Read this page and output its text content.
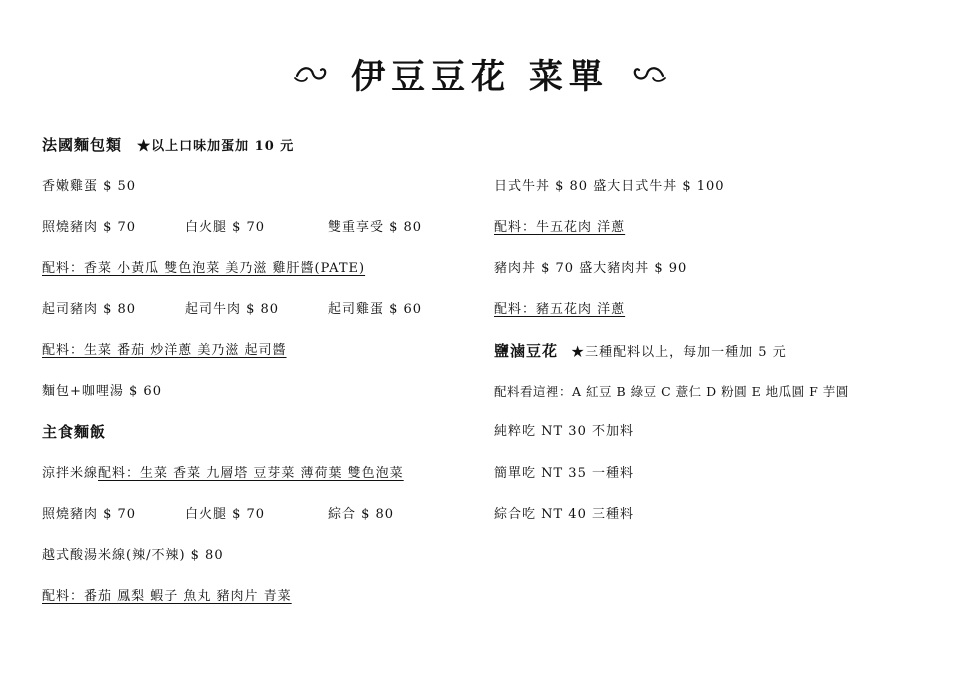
伊豆豆花 菜單
法國麵包類 ★以上口味加蛋加 10 元
香嫩雞蛋 $ 50
照燒豬肉 $ 70	白火腿 $ 70	雙重享受 $ 80
配料：香菜 小黃瓜 雙色泡菜 美乃滋 雞肝醬(PATE)
起司豬肉 $ 80	起司牛肉 $ 80	起司雞蛋 $ 60
配料：生菜 番茄 炒洋蔥 美乃滋 起司醬
麵包+咖哩湯 $ 60
主食麵飯
涼拌米線配料：生菜 香菜 九層塔 豆芽菜 薄荷葉 雙色泡菜
照燒豬肉 $ 70	白火腿 $ 70	綜合 $ 80
越式酸湯米線(辣/不辣) $ 80
配料：番茄 鳳梨 蝦子 魚丸 豬肉片 青菜
日式牛丼 $ 80 盛大日式牛丼 $ 100
配料：牛五花肉 洋蔥
豬肉丼 $ 70 盛大豬肉丼 $ 90
配料：豬五花肉 洋蔥
鹽滷豆花 ★三種配料以上，每加一種加 5 元
配料看這裡：A 紅豆 B 綠豆 C 薏仁 D 粉圓 E 地瓜圓 F 芋圓
純粹吃 NT 30 不加料
簡單吃 NT 35 一種料
綜合吃 NT 40 三種料
